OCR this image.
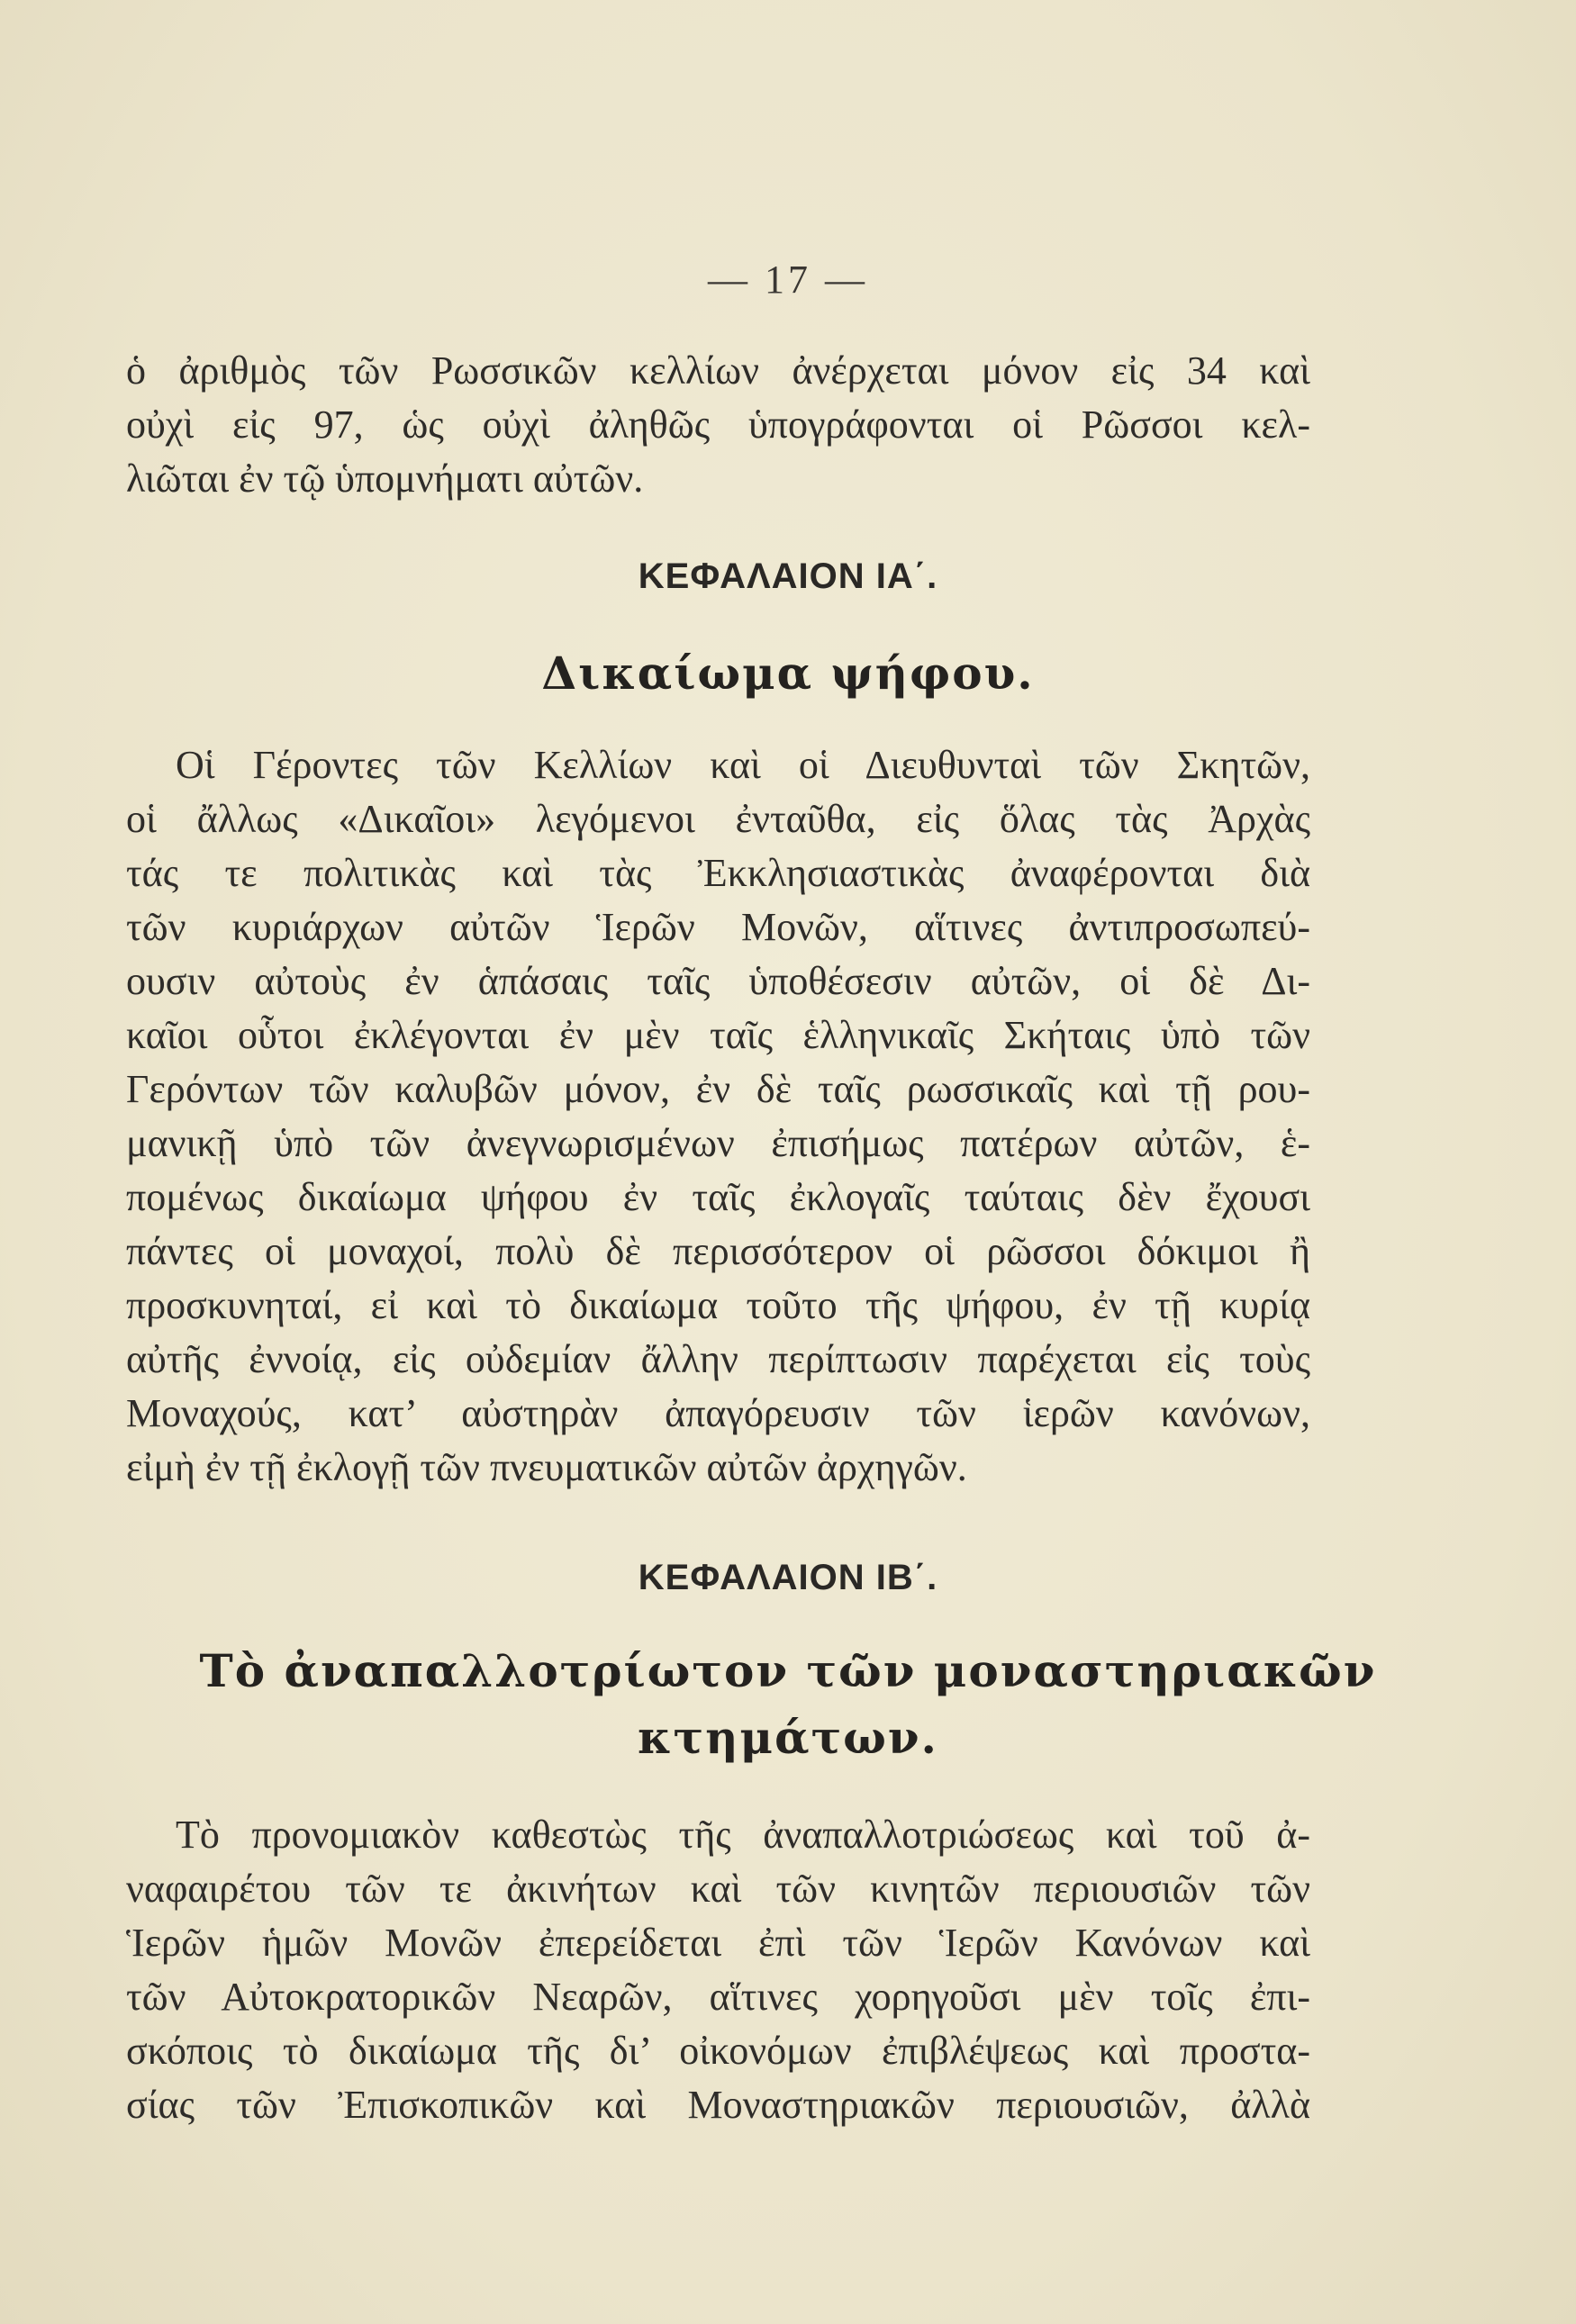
— 17 —
ὁ ἀριθμὸς τῶν Ρωσσικῶν κελλίων ἀνέρχεται μόνον εἰς 34 καὶ
οὐχὶ εἰς 97, ὡς οὐχὶ ἀληθῶς ὑπογράφονται οἱ Ρῶσσοι κελ-
λιῶται ἐν τῷ ὑπομνήματι αὐτῶν.
ΚΕΦΑΛΑΙΟΝ ΙΑ΄.
Δικαίωμα ψήφου.
Οἱ Γέροντες τῶν Κελλίων καὶ οἱ Διευθυνταὶ τῶν Σκητῶν,
οἱ ἄλλως «Δικαῖοι» λεγόμενοι ἐνταῦθα, εἰς ὅλας τὰς Ἀρχὰς
τάς τε πολιτικὰς καὶ τὰς Ἐκκλησιαστικὰς ἀναφέρονται διὰ
τῶν κυριάρχων αὐτῶν Ἱερῶν Μονῶν, αἵτινες ἀντιπροσωπεύ-
ουσιν αὐτοὺς ἐν ἁπάσαις ταῖς ὑποθέσεσιν αὐτῶν, οἱ δὲ Δι-
καῖοι οὗτοι ἐκλέγονται ἐν μὲν ταῖς ἑλληνικαῖς Σκήταις ὑπὸ τῶν
Γερόντων τῶν καλυβῶν μόνον, ἐν δὲ ταῖς ρωσσικαῖς καὶ τῇ ρου-
μανικῇ ὑπὸ τῶν ἀνεγνωρισμένων ἐπισήμως πατέρων αὐτῶν, ἑ-
πομένως δικαίωμα ψήφου ἐν ταῖς ἐκλογαῖς ταύταις δὲν ἔχουσι
πάντες οἱ μοναχοί, πολὺ δὲ περισσότερον οἱ ρῶσσοι δόκιμοι ἢ
προσκυνηταί, εἰ καὶ τὸ δικαίωμα τοῦτο τῆς ψήφου, ἐν τῇ κυρίᾳ
αὐτῆς ἐννοίᾳ, εἰς οὐδεμίαν ἄλλην περίπτωσιν παρέχεται εἰς τοὺς
Μοναχούς, κατ’ αὐστηρὰν ἀπαγόρευσιν τῶν ἱερῶν κανόνων,
εἰμὴ ἐν τῇ ἐκλογῇ τῶν πνευματικῶν αὐτῶν ἀρχηγῶν.
ΚΕΦΑΛΑΙΟΝ ΙΒ΄.
Τὸ ἀναπαλλοτρίωτον τῶν μοναστηριακῶν
κτημάτων.
Τὸ προνομιακὸν καθεστὼς τῆς ἀναπαλλοτριώσεως καὶ τοῦ ἀ-
ναφαιρέτου τῶν τε ἀκινήτων καὶ τῶν κινητῶν περιουσιῶν τῶν
Ἱερῶν ἡμῶν Μονῶν ἐπερείδεται ἐπὶ τῶν Ἱερῶν Κανόνων καὶ
τῶν Αὐτοκρατορικῶν Νεαρῶν, αἵτινες χορηγοῦσι μὲν τοῖς ἐπι-
σκόποις τὸ δικαίωμα τῆς δι’ οἰκονόμων ἐπιβλέψεως καὶ προστα-
σίας τῶν Ἐπισκοπικῶν καὶ Μοναστηριακῶν περιουσιῶν, ἀλλὰ
